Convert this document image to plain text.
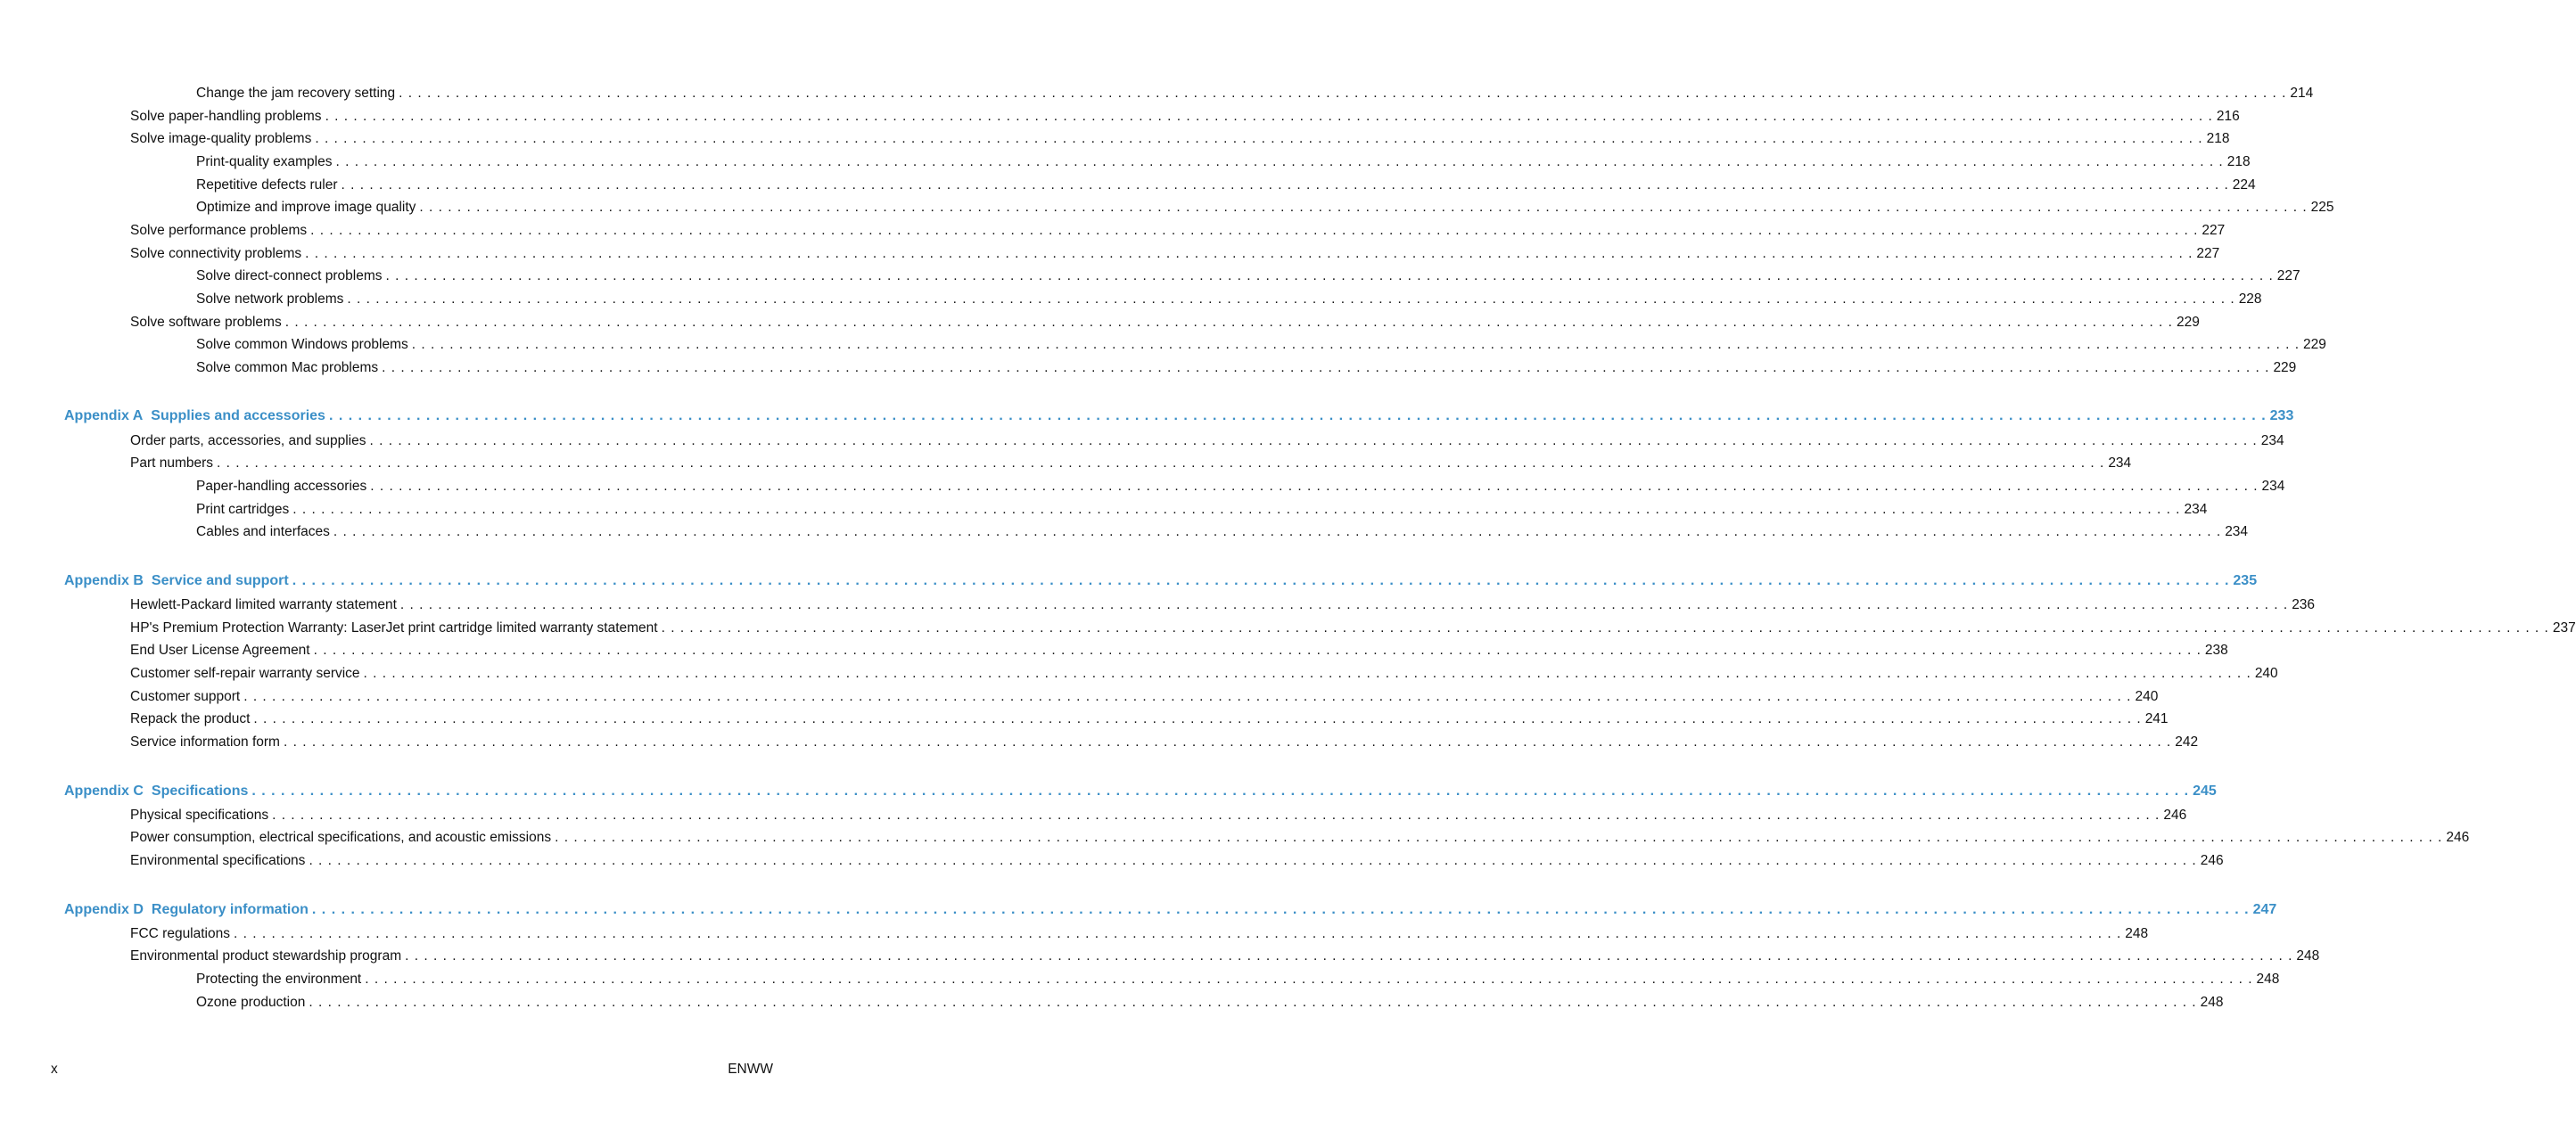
Change the jam recovery setting . . . . . . . . . . . . . . . . . . . . . . . . . . . . . . . . . . . . . . . . . . . . . . . . . . . . . . . . . . . . . . . . . . . . . . . . . . . . . . . . . . . . . . . . . . . . . . . . . . . . . . . . . . . . . . . . . . . . . . . . . . . . . . . . . . . . . . . . . . . . . . . . . . . . . . . . . . . . . . . . . . . . . . . . . . . . . . . . . . . . . . . . . . . . . . . . . . . . . . . . 214
Solve paper-handling problems . . . . . . . . . . . . . . . . . . . . . . . . . . . . . . . . . . . . . . . . . . . . . . . . . . . . . . . . . . . . . . . . . . . . . . . . . . . . . . . . . . . . . . . . . . . . . . . . . . . . . . . . . . . . . . . . . . . . . . . . . . . . . . . . . . . . . . . . . . . . . . . . . . . . . . . . . . . . . . . . . . . . . . . . . . . . . . . . . . . . . . . . . . . . . . . . . . . . . . . . 216
Solve image-quality problems . . . . . . . . . . . . . . . . . . . . . . . . . . . . . . . . . . . . . . . . . . . . . . . . . . . . . . . . . . . . . . . . . . . . . . . . . . . . . . . . . . . . . . . . . . . . . . . . . . . . . . . . . . . . . . . . . . . . . . . . . . . . . . . . . . . . . . . . . . . . . . . . . . . . . . . . . . . . . . . . . . . . . . . . . . . . . . . . . . . . . . . . . . . . . . . . . . . . . . . . 218
Print-quality examples . . . . . . . . . . . . . . . . . . . . . . . . . . . . . . . . . . . . . . . . . . . . . . . . . . . . . . . . . . . . . . . . . . . . . . . . . . . . . . . . . . . . . . . . . . . . . . . . . . . . . . . . . . . . . . . . . . . . . . . . . . . . . . . . . . . . . . . . . . . . . . . . . . . . . . . . . . . . . . . . . . . . . . . . . . . . . . . . . . . . . . . . . . . . . . . . . . . . . . . . 218
Repetitive defects ruler . . . . . . . . . . . . . . . . . . . . . . . . . . . . . . . . . . . . . . . . . . . . . . . . . . . . . . . . . . . . . . . . . . . . . . . . . . . . . . . . . . . . . . . . . . . . . . . . . . . . . . . . . . . . . . . . . . . . . . . . . . . . . . . . . . . . . . . . . . . . . . . . . . . . . . . . . . . . . . . . . . . . . . . . . . . . . . . . . . . . . . . . . . . . . . . . . . . . . . . . 224
Optimize and improve image quality . . . . . . . . . . . . . . . . . . . . . . . . . . . . . . . . . . . . . . . . . . . . . . . . . . . . . . . . . . . . . . . . . . . . . . . . . . . . . . . . . . . . . . . . . . . . . . . . . . . . . . . . . . . . . . . . . . . . . . . . . . . . . . . . . . . . . . . . . . . . . . . . . . . . . . . . . . . . . . . . . . . . . . . . . . . . . . . . . . . . . . . . . . . . . . . . . . . . . . . . 225
Solve performance problems . . . . . . . . . . . . . . . . . . . . . . . . . . . . . . . . . . . . . . . . . . . . . . . . . . . . . . . . . . . . . . . . . . . . . . . . . . . . . . . . . . . . . . . . . . . . . . . . . . . . . . . . . . . . . . . . . . . . . . . . . . . . . . . . . . . . . . . . . . . . . . . . . . . . . . . . . . . . . . . . . . . . . . . . . . . . . . . . . . . . . . . . . . . . . . . . . . . . . . . . 227
Solve connectivity problems . . . . . . . . . . . . . . . . . . . . . . . . . . . . . . . . . . . . . . . . . . . . . . . . . . . . . . . . . . . . . . . . . . . . . . . . . . . . . . . . . . . . . . . . . . . . . . . . . . . . . . . . . . . . . . . . . . . . . . . . . . . . . . . . . . . . . . . . . . . . . . . . . . . . . . . . . . . . . . . . . . . . . . . . . . . . . . . . . . . . . . . . . . . . . . . . . . . . . . . . 227
Solve direct-connect problems . . . . . . . . . . . . . . . . . . . . . . . . . . . . . . . . . . . . . . . . . . . . . . . . . . . . . . . . . . . . . . . . . . . . . . . . . . . . . . . . . . . . . . . . . . . . . . . . . . . . . . . . . . . . . . . . . . . . . . . . . . . . . . . . . . . . . . . . . . . . . . . . . . . . . . . . . . . . . . . . . . . . . . . . . . . . . . . . . . . . . . . . . . . . . . . . . . . . . . . . 227
Solve network problems . . . . . . . . . . . . . . . . . . . . . . . . . . . . . . . . . . . . . . . . . . . . . . . . . . . . . . . . . . . . . . . . . . . . . . . . . . . . . . . . . . . . . . . . . . . . . . . . . . . . . . . . . . . . . . . . . . . . . . . . . . . . . . . . . . . . . . . . . . . . . . . . . . . . . . . . . . . . . . . . . . . . . . . . . . . . . . . . . . . . . . . . . . . . . . . . . . . . . . . . 228
Solve software problems . . . . . . . . . . . . . . . . . . . . . . . . . . . . . . . . . . . . . . . . . . . . . . . . . . . . . . . . . . . . . . . . . . . . . . . . . . . . . . . . . . . . . . . . . . . . . . . . . . . . . . . . . . . . . . . . . . . . . . . . . . . . . . . . . . . . . . . . . . . . . . . . . . . . . . . . . . . . . . . . . . . . . . . . . . . . . . . . . . . . . . . . . . . . . . . . . . . . . . . . 229
Solve common Windows problems . . . . . . . . . . . . . . . . . . . . . . . . . . . . . . . . . . . . . . . . . . . . . . . . . . . . . . . . . . . . . . . . . . . . . . . . . . . . . . . . . . . . . . . . . . . . . . . . . . . . . . . . . . . . . . . . . . . . . . . . . . . . . . . . . . . . . . . . . . . . . . . . . . . . . . . . . . . . . . . . . . . . . . . . . . . . . . . . . . . . . . . . . . . . . . . . . . . . . . . . 229
Solve common Mac problems . . . . . . . . . . . . . . . . . . . . . . . . . . . . . . . . . . . . . . . . . . . . . . . . . . . . . . . . . . . . . . . . . . . . . . . . . . . . . . . . . . . . . . . . . . . . . . . . . . . . . . . . . . . . . . . . . . . . . . . . . . . . . . . . . . . . . . . . . . . . . . . . . . . . . . . . . . . . . . . . . . . . . . . . . . . . . . . . . . . . . . . . . . . . . . . . . . . . . . . . 229
Appendix A Supplies and accessories . . . . . . . . . . . . . . . . . . . . . . . . . . . . . . . . . . . . . . . . . . . . . . . . . . . . . . . . . . . . . . . . . . . . . . . . . . . . . . . . . . . . . . . . . . . . . . . . . . . . . . . . . . . . . . . . . . . . . . . . . . . . . . . . . . . . . . . . . . . . . . . . . . . . . . . . . . . . . . . . . . . . . . . . . . . . . . . . . . . . . . . . . . . . . . . . . . . . . . . . 233
Order parts, accessories, and supplies . . . . . . . . . . . . . . . . . . . . . . . . . . . . . . . . . . . . . . . . . . . . . . . . . . . . . . . . . . . . . . . . . . . . . . . . . . . . . . . . . . . . . . . . . . . . . . . . . . . . . . . . . . . . . . . . . . . . . . . . . . . . . . . . . . . . . . . . . . . . . . . . . . . . . . . . . . . . . . . . . . . . . . . . . . . . . . . . . . . . . . . . . . . . . . . . . . . . . . . . 234
Part numbers . . . . . . . . . . . . . . . . . . . . . . . . . . . . . . . . . . . . . . . . . . . . . . . . . . . . . . . . . . . . . . . . . . . . . . . . . . . . . . . . . . . . . . . . . . . . . . . . . . . . . . . . . . . . . . . . . . . . . . . . . . . . . . . . . . . . . . . . . . . . . . . . . . . . . . . . . . . . . . . . . . . . . . . . . . . . . . . . . . . . . . . . . . . . . . . . . . . . . . . . 234
Paper-handling accessories . . . . . . . . . . . . . . . . . . . . . . . . . . . . . . . . . . . . . . . . . . . . . . . . . . . . . . . . . . . . . . . . . . . . . . . . . . . . . . . . . . . . . . . . . . . . . . . . . . . . . . . . . . . . . . . . . . . . . . . . . . . . . . . . . . . . . . . . . . . . . . . . . . . . . . . . . . . . . . . . . . . . . . . . . . . . . . . . . . . . . . . . . . . . . . . . . . . . . . . . 234
Print cartridges . . . . . . . . . . . . . . . . . . . . . . . . . . . . . . . . . . . . . . . . . . . . . . . . . . . . . . . . . . . . . . . . . . . . . . . . . . . . . . . . . . . . . . . . . . . . . . . . . . . . . . . . . . . . . . . . . . . . . . . . . . . . . . . . . . . . . . . . . . . . . . . . . . . . . . . . . . . . . . . . . . . . . . . . . . . . . . . . . . . . . . . . . . . . . . . . . . . . . . . . 234
Cables and interfaces . . . . . . . . . . . . . . . . . . . . . . . . . . . . . . . . . . . . . . . . . . . . . . . . . . . . . . . . . . . . . . . . . . . . . . . . . . . . . . . . . . . . . . . . . . . . . . . . . . . . . . . . . . . . . . . . . . . . . . . . . . . . . . . . . . . . . . . . . . . . . . . . . . . . . . . . . . . . . . . . . . . . . . . . . . . . . . . . . . . . . . . . . . . . . . . . . . . . . . . . 234
Appendix B Service and support . . . . . . . . . . . . . . . . . . . . . . . . . . . . . . . . . . . . . . . . . . . . . . . . . . . . . . . . . . . . . . . . . . . . . . . . . . . . . . . . . . . . . . . . . . . . . . . . . . . . . . . . . . . . . . . . . . . . . . . . . . . . . . . . . . . . . . . . . . . . . . . . . . . . . . . . . . . . . . . . . . . . . . . . . . . . . . . . . . . . . . . . . . . . . . . . . . . . . . . . 235
Hewlett-Packard limited warranty statement . . . . . . . . . . . . . . . . . . . . . . . . . . . . . . . . . . . . . . . . . . . . . . . . . . . . . . . . . . . . . . . . . . . . . . . . . . . . . . . . . . . . . . . . . . . . . . . . . . . . . . . . . . . . . . . . . . . . . . . . . . . . . . . . . . . . . . . . . . . . . . . . . . . . . . . . . . . . . . . . . . . . . . . . . . . . . . . . . . . . . . . . . . . . . . . . . . . . . . . . 236
HP's Premium Protection Warranty: LaserJet print cartridge limited warranty statement . . . . . . . . . . . . . . . . . . . . . . . . . . . . . . . . . . . . . . . . . . . . . . . . . . . . . . . . . . . . . . . . . . . . . . . . . . . . . . . . . . . . . . . . . . . . . . . . . . . . . . . . . . . . . . . . . . . . . . . . . . . . . . . . . . . . . . . . . . . . . . . . . . . . . . . . . . . . . . . . . . . . . . . . . . . . . . . . . . . . . . . . . . . . . . . . . . . . . . . . 237
End User License Agreement . . . . . . . . . . . . . . . . . . . . . . . . . . . . . . . . . . . . . . . . . . . . . . . . . . . . . . . . . . . . . . . . . . . . . . . . . . . . . . . . . . . . . . . . . . . . . . . . . . . . . . . . . . . . . . . . . . . . . . . . . . . . . . . . . . . . . . . . . . . . . . . . . . . . . . . . . . . . . . . . . . . . . . . . . . . . . . . . . . . . . . . . . . . . . . . . . . . . . . . . 238
Customer self-repair warranty service . . . . . . . . . . . . . . . . . . . . . . . . . . . . . . . . . . . . . . . . . . . . . . . . . . . . . . . . . . . . . . . . . . . . . . . . . . . . . . . . . . . . . . . . . . . . . . . . . . . . . . . . . . . . . . . . . . . . . . . . . . . . . . . . . . . . . . . . . . . . . . . . . . . . . . . . . . . . . . . . . . . . . . . . . . . . . . . . . . . . . . . . . . . . . . . . . . . . . . . . 240
Customer support . . . . . . . . . . . . . . . . . . . . . . . . . . . . . . . . . . . . . . . . . . . . . . . . . . . . . . . . . . . . . . . . . . . . . . . . . . . . . . . . . . . . . . . . . . . . . . . . . . . . . . . . . . . . . . . . . . . . . . . . . . . . . . . . . . . . . . . . . . . . . . . . . . . . . . . . . . . . . . . . . . . . . . . . . . . . . . . . . . . . . . . . . . . . . . . . . . . . . . . . 240
Repack the product . . . . . . . . . . . . . . . . . . . . . . . . . . . . . . . . . . . . . . . . . . . . . . . . . . . . . . . . . . . . . . . . . . . . . . . . . . . . . . . . . . . . . . . . . . . . . . . . . . . . . . . . . . . . . . . . . . . . . . . . . . . . . . . . . . . . . . . . . . . . . . . . . . . . . . . . . . . . . . . . . . . . . . . . . . . . . . . . . . . . . . . . . . . . . . . . . . . . . . . . 241
Service information form . . . . . . . . . . . . . . . . . . . . . . . . . . . . . . . . . . . . . . . . . . . . . . . . . . . . . . . . . . . . . . . . . . . . . . . . . . . . . . . . . . . . . . . . . . . . . . . . . . . . . . . . . . . . . . . . . . . . . . . . . . . . . . . . . . . . . . . . . . . . . . . . . . . . . . . . . . . . . . . . . . . . . . . . . . . . . . . . . . . . . . . . . . . . . . . . . . . . . . . . 242
Appendix C Specifications . . . . . . . . . . . . . . . . . . . . . . . . . . . . . . . . . . . . . . . . . . . . . . . . . . . . . . . . . . . . . . . . . . . . . . . . . . . . . . . . . . . . . . . . . . . . . . . . . . . . . . . . . . . . . . . . . . . . . . . . . . . . . . . . . . . . . . . . . . . . . . . . . . . . . . . . . . . . . . . . . . . . . . . . . . . . . . . . . . . . . . . . . . . . . . . . . . . . . . . . 245
Physical specifications . . . . . . . . . . . . . . . . . . . . . . . . . . . . . . . . . . . . . . . . . . . . . . . . . . . . . . . . . . . . . . . . . . . . . . . . . . . . . . . . . . . . . . . . . . . . . . . . . . . . . . . . . . . . . . . . . . . . . . . . . . . . . . . . . . . . . . . . . . . . . . . . . . . . . . . . . . . . . . . . . . . . . . . . . . . . . . . . . . . . . . . . . . . . . . . . . . . . . . . . 246
Power consumption, electrical specifications, and acoustic emissions . . . . . . . . . . . . . . . . . . . . . . . . . . . . . . . . . . . . . . . . . . . . . . . . . . . . . . . . . . . . . . . . . . . . . . . . . . . . . . . . . . . . . . . . . . . . . . . . . . . . . . . . . . . . . . . . . . . . . . . . . . . . . . . . . . . . . . . . . . . . . . . . . . . . . . . . . . . . . . . . . . . . . . . . . . . . . . . . . . . . . . . . . . . . . . . . . . . . . . . . 246
Environmental specifications . . . . . . . . . . . . . . . . . . . . . . . . . . . . . . . . . . . . . . . . . . . . . . . . . . . . . . . . . . . . . . . . . . . . . . . . . . . . . . . . . . . . . . . . . . . . . . . . . . . . . . . . . . . . . . . . . . . . . . . . . . . . . . . . . . . . . . . . . . . . . . . . . . . . . . . . . . . . . . . . . . . . . . . . . . . . . . . . . . . . . . . . . . . . . . . . . . . . . . . . 246
Appendix D Regulatory information . . . . . . . . . . . . . . . . . . . . . . . . . . . . . . . . . . . . . . . . . . . . . . . . . . . . . . . . . . . . . . . . . . . . . . . . . . . . . . . . . . . . . . . . . . . . . . . . . . . . . . . . . . . . . . . . . . . . . . . . . . . . . . . . . . . . . . . . . . . . . . . . . . . . . . . . . . . . . . . . . . . . . . . . . . . . . . . . . . . . . . . . . . . . . . . . . . . . . . . . 247
FCC regulations . . . . . . . . . . . . . . . . . . . . . . . . . . . . . . . . . . . . . . . . . . . . . . . . . . . . . . . . . . . . . . . . . . . . . . . . . . . . . . . . . . . . . . . . . . . . . . . . . . . . . . . . . . . . . . . . . . . . . . . . . . . . . . . . . . . . . . . . . . . . . . . . . . . . . . . . . . . . . . . . . . . . . . . . . . . . . . . . . . . . . . . . . . . . . . . . . . . . . . . . 248
Environmental product stewardship program . . . . . . . . . . . . . . . . . . . . . . . . . . . . . . . . . . . . . . . . . . . . . . . . . . . . . . . . . . . . . . . . . . . . . . . . . . . . . . . . . . . . . . . . . . . . . . . . . . . . . . . . . . . . . . . . . . . . . . . . . . . . . . . . . . . . . . . . . . . . . . . . . . . . . . . . . . . . . . . . . . . . . . . . . . . . . . . . . . . . . . . . . . . . . . . . . . . . . . . . 248
Protecting the environment . . . . . . . . . . . . . . . . . . . . . . . . . . . . . . . . . . . . . . . . . . . . . . . . . . . . . . . . . . . . . . . . . . . . . . . . . . . . . . . . . . . . . . . . . . . . . . . . . . . . . . . . . . . . . . . . . . . . . . . . . . . . . . . . . . . . . . . . . . . . . . . . . . . . . . . . . . . . . . . . . . . . . . . . . . . . . . . . . . . . . . . . . . . . . . . . . . . . . . . . 248
Ozone production . . . . . . . . . . . . . . . . . . . . . . . . . . . . . . . . . . . . . . . . . . . . . . . . . . . . . . . . . . . . . . . . . . . . . . . . . . . . . . . . . . . . . . . . . . . . . . . . . . . . . . . . . . . . . . . . . . . . . . . . . . . . . . . . . . . . . . . . . . . . . . . . . . . . . . . . . . . . . . . . . . . . . . . . . . . . . . . . . . . . . . . . . . . . . . . . . . . . . . . . 248
x	ENWW
